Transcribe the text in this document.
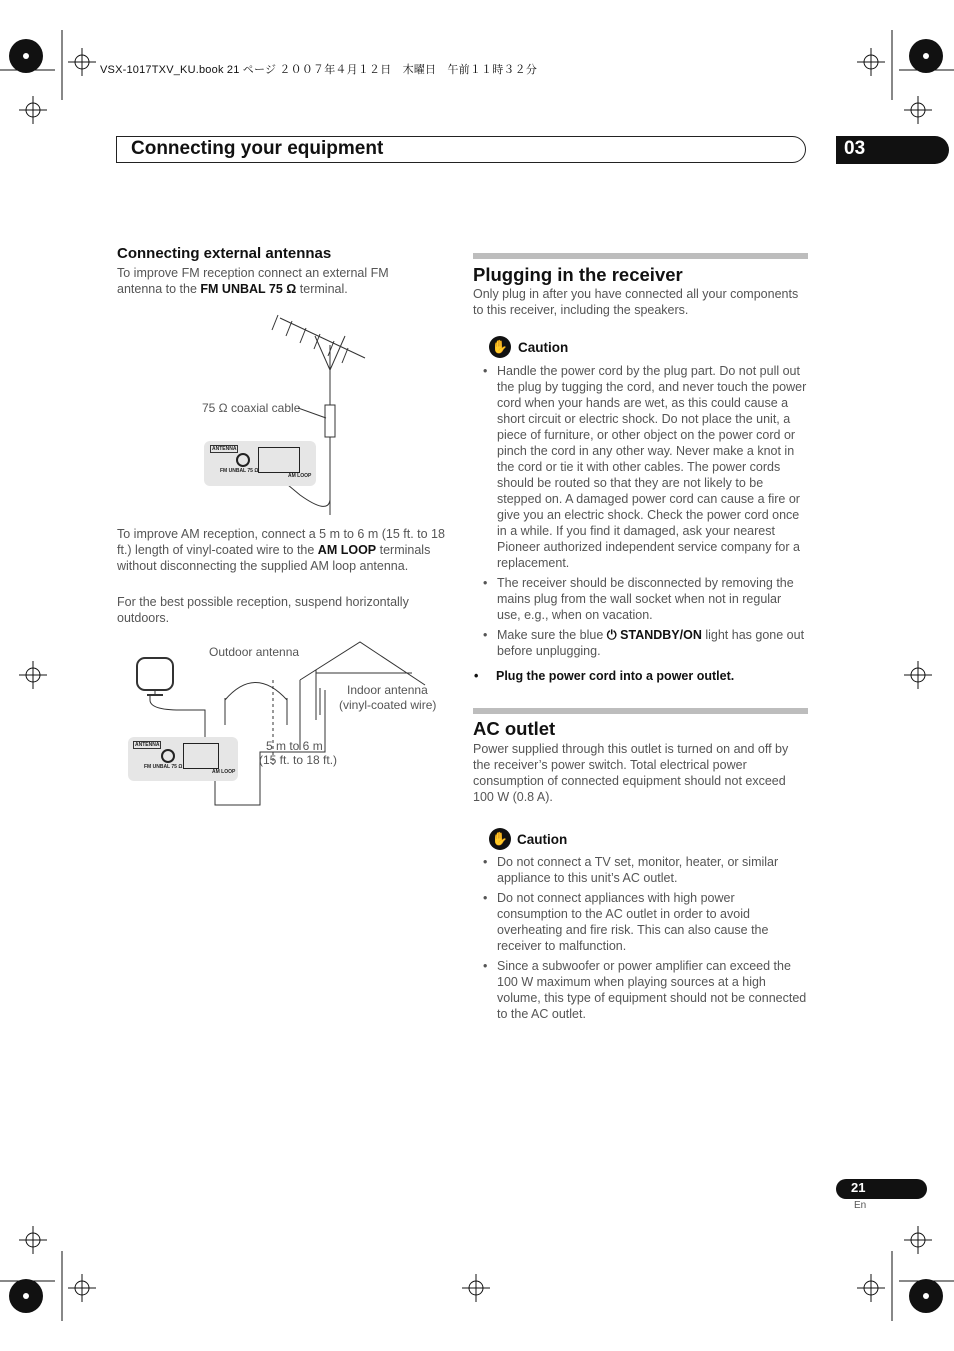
VSX-1017TXV_KU.book 21 ページ ２００７年４月１２日　木曜日　午前１１時３２分
Connecting your equipment	03
Connecting external antennas
To improve FM reception connect an external FM antenna to the FM UNBAL 75 Ω terminal.
75 Ω coaxial cable
ANTENNA
FM UNBAL 75 Ω
AM LOOP
To improve AM reception, connect a 5 m to 6 m (15 ft. to 18 ft.) length of vinyl-coated wire to the AM LOOP terminals without disconnecting the supplied AM loop antenna.
For the best possible reception, suspend horizontally outdoors.
Outdoor antenna
Indoor antenna
(vinyl-coated wire)
5 m to 6 m
(15 ft. to 18 ft.)
ANTENNA
FM UNBAL 75 Ω
AM LOOP
Plugging in the receiver
Only plug in after you have connected all your components to this receiver, including the speakers.
✋ Caution
• Handle the power cord by the plug part. Do not pull out the plug by tugging the cord, and never touch the power cord when your hands are wet, as this could cause a short circuit or electric shock. Do not place the unit, a piece of furniture, or other object on the power cord or pinch the cord in any other way. Never make a knot in the cord or tie it with other cables. The power cords should be routed so that they are not likely to be stepped on. A damaged power cord can cause a fire or give you an electric shock. Check the power cord once in a while. If you find it damaged, ask your nearest Pioneer authorized independent service company for a replacement.
• The receiver should be disconnected by removing the mains plug from the wall socket when not in regular use, e.g., when on vacation.
• Make sure the blue ⏻ STANDBY/ON light has gone out before unplugging.
• Plug the power cord into a power outlet.
AC outlet
Power supplied through this outlet is turned on and off by the receiver’s power switch. Total electrical power consumption of connected equipment should not exceed 100 W (0.8 A).
✋ Caution
• Do not connect a TV set, monitor, heater, or similar appliance to this unit’s AC outlet.
• Do not connect appliances with high power consumption to the AC outlet in order to avoid overheating and fire risk. This can also cause the receiver to malfunction.
• Since a subwoofer or power amplifier can exceed the 100 W maximum when playing sources at a high volume, this type of equipment should not be connected to the AC outlet.
21
En
